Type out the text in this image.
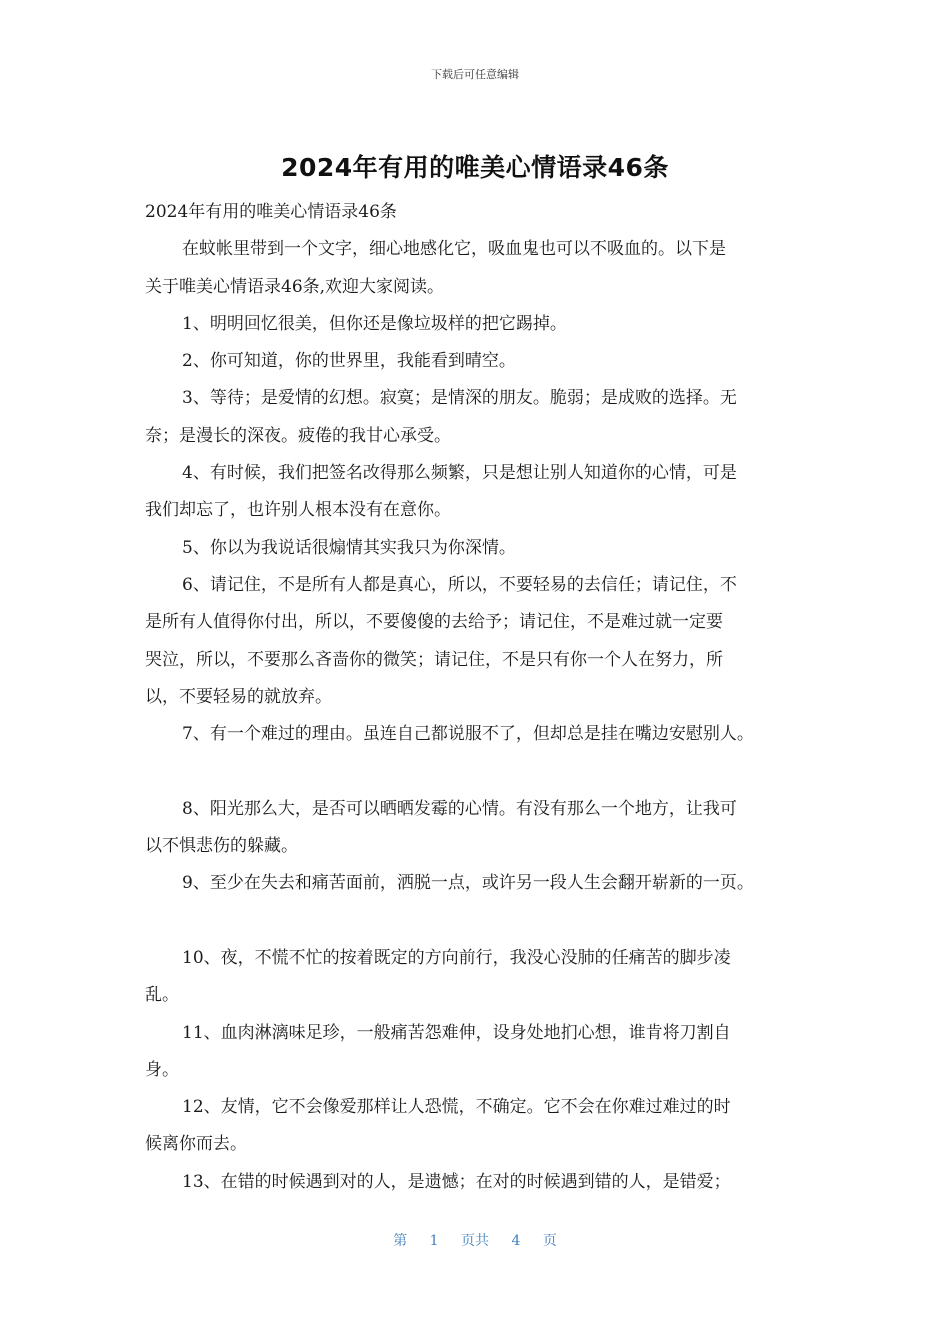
下载后可任意编辑
2024年有用的唯美心情语录46条

2024年有用的唯美心情语录46条

在蚊帐里带到一个文字，细心地感化它，吸血鬼也可以不吸血的。以下是

关于唯美心情语录46条,欢迎大家阅读。

1、明明回忆很美，但你还是像垃圾样的把它踢掉。

2、你可知道，你的世界里，我能看到晴空。

3、等待；是爱情的幻想。寂寞；是情深的朋友。脆弱；是成败的选择。无

奈；是漫长的深夜。疲倦的我甘心承受。

4、有时候，我们把签名改得那么频繁，只是想让别人知道你的心情，可是

我们却忘了，也许别人根本没有在意你。

5、你以为我说话很煽情其实我只为你深情。

6、请记住，不是所有人都是真心，所以，不要轻易的去信任；请记住，不

是所有人值得你付出，所以，不要傻傻的去给予；请记住，不是难过就一定要

哭泣，所以，不要那么吝啬你的微笑；请记住，不是只有你一个人在努力，所

以，不要轻易的就放弃。

7、有一个难过的理由。虽连自己都说服不了，但却总是挂在嘴边安慰别人。

8、阳光那么大，是否可以晒晒发霉的心情。有没有那么一个地方，让我可

以不惧悲伤的躲藏。

9、至少在失去和痛苦面前，洒脱一点，或许另一段人生会翻开崭新的一页。

10、夜，不慌不忙的按着既定的方向前行，我没心没肺的任痛苦的脚步凌

乱。

11、血肉淋漓味足珍，一般痛苦怨难伸，设身处地扪心想，谁肯将刀割自

身。

12、友情，它不会像爱那样让人恐慌，不确定。它不会在你难过难过的时

候离你而去。

13、在错的时候遇到对的人，是遗憾；在对的时候遇到错的人，是错爱；

第 1 页共 4 页
